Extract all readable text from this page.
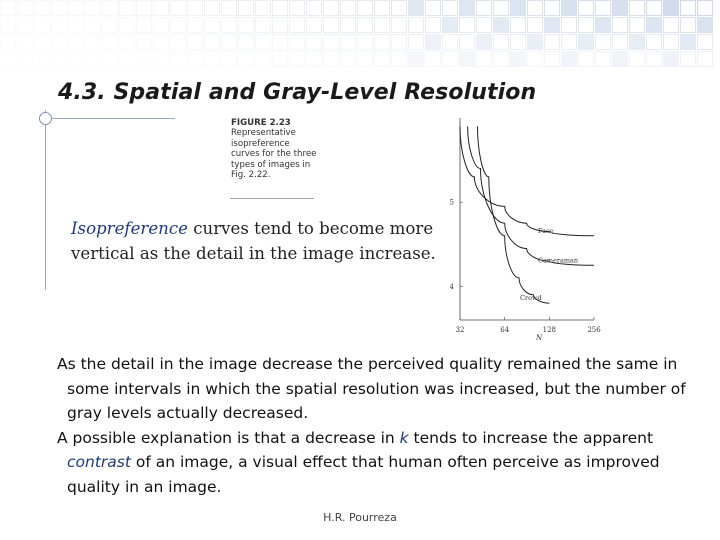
4.3. Spatial and Gray-Level Resolution
FIGURE 2.23
Representative isopreference curves for the three types of images in Fig. 2.22.
5
4
32	64	128	256
Face
Cameraman
Crowd
N
Isopreference curves tend to become more vertical as the detail in the image increase.

As the detail in the image decrease the perceived quality remained the same in some intervals in which the spatial resolution was increased, but the number of gray levels actually decreased.

A possible explanation is that a decrease in k tends to increase the apparent contrast of an image, a visual effect that human often perceive as improved quality in an image.

H.R. Pourreza
